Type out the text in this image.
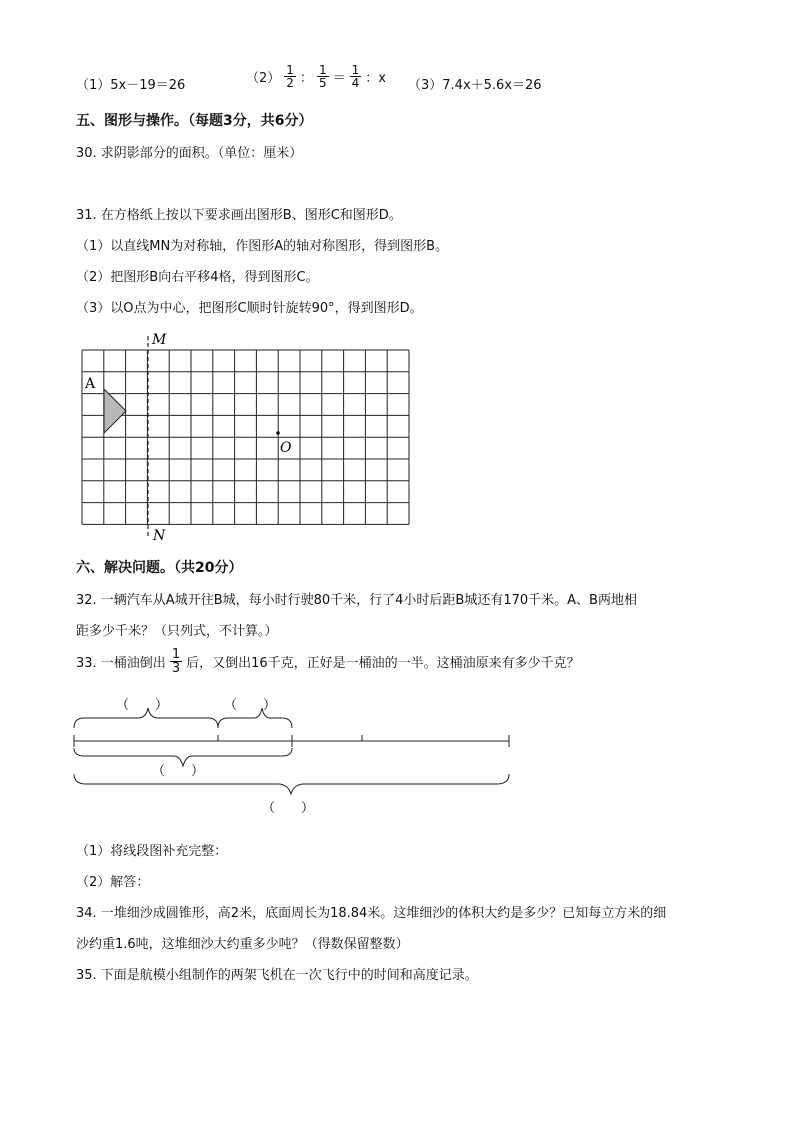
（1）5x－19＝26	$(2) \frac{1}{2}$ ： $\frac{1}{5} = \frac{1}{4}$ ：x （3）7.4x＋5.6x＝26
五、图形与操作。（每题3分，共6分）
30. 求阴影部分的面积。（单位：厘米）
31. 在方格纸上按以下要求画出图形B、图形C和图形D。
（1）以直线MN为对称轴，作图形A的轴对称图形，得到图形B。
（2）把图形B向右平移4格，得到图形C。
（3）以O点为中心，把图形C顺时针旋转90°，得到图形D。
M
N
A
O
六、解决问题。（共20分）
32. 一辆汽车从A城开往B城，每小时行驶80千米，行了4小时后距B城还有170千米。A、B两地相
距多少千米？（只列式，不计算。）
33. 一桶油倒出 $\frac{1}{3}$ 后，又倒出16千克，正好是一桶油的一半。这桶油原来有多少千克？
（　　）	（　　）
（　　）
（　　）
（1）将线段图补充完整：
（2）解答：
34. 一堆细沙成圆锥形，高2米，底面周长为18.84米。这堆细沙的体积大约是多少？已知每立方米的细
沙约重1.6吨，这堆细沙大约重多少吨？（得数保留整数）
35. 下面是航模小组制作的两架飞机在一次飞行中的时间和高度记录。
